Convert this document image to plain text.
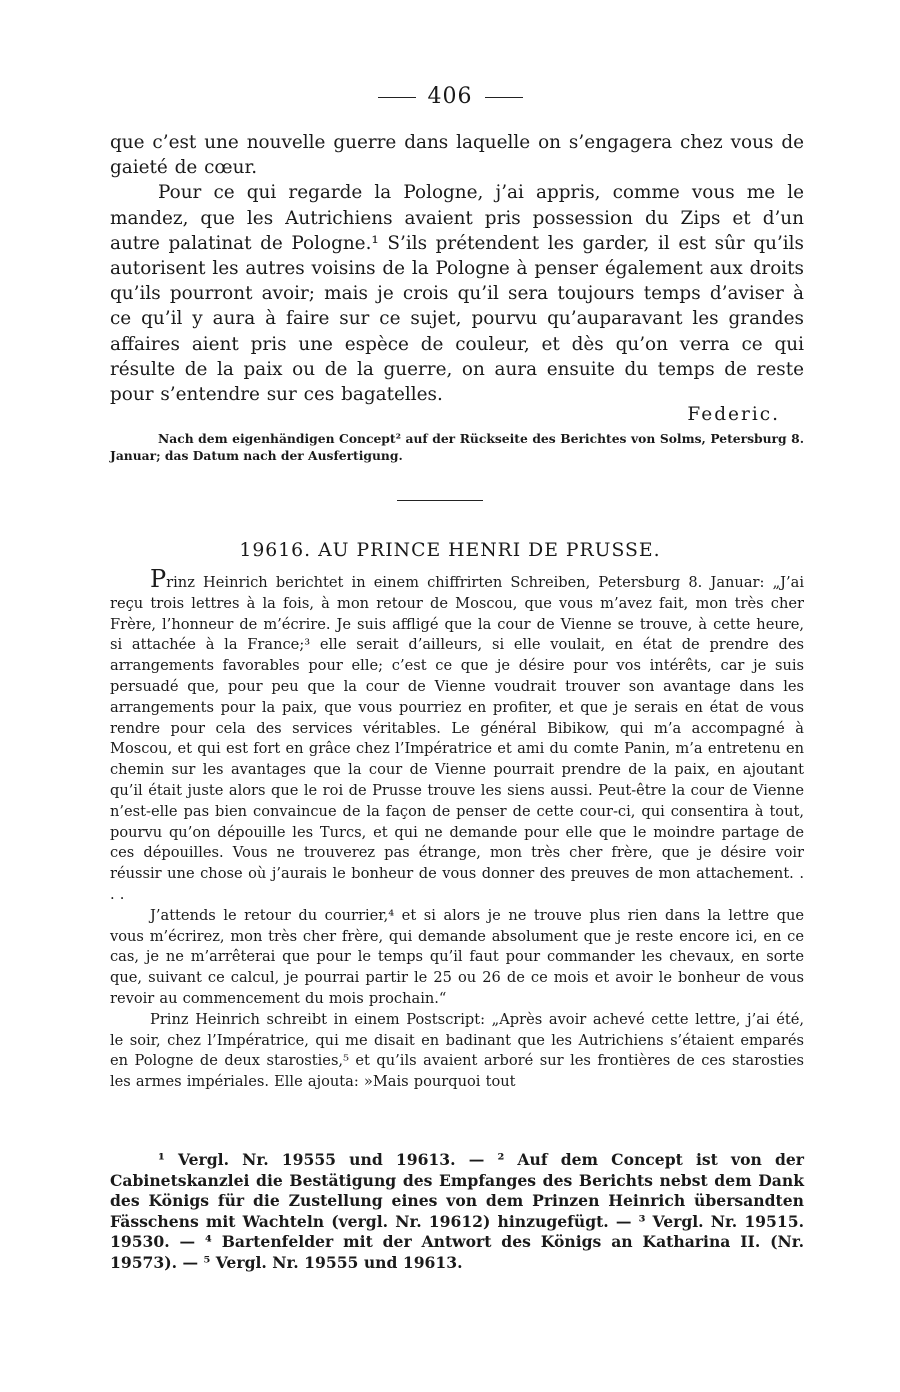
406

que c’est une nouvelle guerre dans laquelle on s’engagera chez vous de gaieté de cœur.

Pour ce qui regarde la Pologne, j’ai appris, comme vous me le mandez, que les Autrichiens avaient pris possession du Zips et d’un autre palatinat de Pologne.¹ S’ils prétendent les garder, il est sûr qu’ils autorisent les autres voisins de la Pologne à penser également aux droits qu’ils pourront avoir; mais je crois qu’il sera toujours temps d’aviser à ce qu’il y aura à faire sur ce sujet, pourvu qu’auparavant les grandes affaires aient pris une espèce de couleur, et dès qu’on verra ce qui résulte de la paix ou de la guerre, on aura ensuite du temps de reste pour s’entendre sur ces bagatelles.

Federic.
Nach dem eigenhändigen Concept² auf der Rückseite des Berichtes von Solms, Petersburg 8. Januar; das Datum nach der Ausfertigung.
19616. AU PRINCE HENRI DE PRUSSE.

Prinz Heinrich berichtet in einem chiffrirten Schreiben, Petersburg 8. Januar: „J’ai reçu trois lettres à la fois, à mon retour de Moscou, que vous m’avez fait, mon très cher Frère, l’honneur de m’écrire. Je suis affligé que la cour de Vienne se trouve, à cette heure, si attachée à la France;³ elle serait d’ailleurs, si elle voulait, en état de prendre des arrangements favorables pour elle; c’est ce que je désire pour vos intérêts, car je suis persuadé que, pour peu que la cour de Vienne voudrait trouver son avantage dans les arrangements pour la paix, que vous pourriez en profiter, et que je serais en état de vous rendre pour cela des services véritables. Le général Bibikow, qui m’a accompagné à Moscou, et qui est fort en grâce chez l’Impératrice et ami du comte Panin, m’a entretenu en chemin sur les avantages que la cour de Vienne pourrait prendre de la paix, en ajoutant qu’il était juste alors que le roi de Prusse trouve les siens aussi. Peut-être la cour de Vienne n’est-elle pas bien convaincue de la façon de penser de cette cour-ci, qui consentira à tout, pourvu qu’on dépouille les Turcs, et qui ne demande pour elle que le moindre partage de ces dépouilles. Vous ne trouverez pas étrange, mon très cher frère, que je désire voir réussir une chose où j’aurais le bonheur de vous donner des preuves de mon attachement. . . .

J’attends le retour du courrier,⁴ et si alors je ne trouve plus rien dans la lettre que vous m’écrirez, mon très cher frère, qui demande absolument que je reste encore ici, en ce cas, je ne m’arrêterai que pour le temps qu’il faut pour commander les chevaux, en sorte que, suivant ce calcul, je pourrai partir le 25 ou 26 de ce mois et avoir le bonheur de vous revoir au commencement du mois prochain.“

Prinz Heinrich schreibt in einem Postscript: „Après avoir achevé cette lettre, j’ai été, le soir, chez l’Impératrice, qui me disait en badinant que les Autrichiens s’étaient emparés en Pologne de deux starosties,⁵ et qu’ils avaient arboré sur les frontières de ces starosties les armes impériales. Elle ajouta: »Mais pourquoi tout

¹ Vergl. Nr. 19555 und 19613. — ² Auf dem Concept ist von der Cabinetskanzlei die Bestätigung des Empfanges des Berichts nebst dem Dank des Königs für die Zustellung eines von dem Prinzen Heinrich übersandten Fässchens mit Wachteln (vergl. Nr. 19612) hinzugefügt. — ³ Vergl. Nr. 19515. 19530. — ⁴ Bartenfelder mit der Antwort des Königs an Katharina II. (Nr. 19573). — ⁵ Vergl. Nr. 19555 und 19613.
